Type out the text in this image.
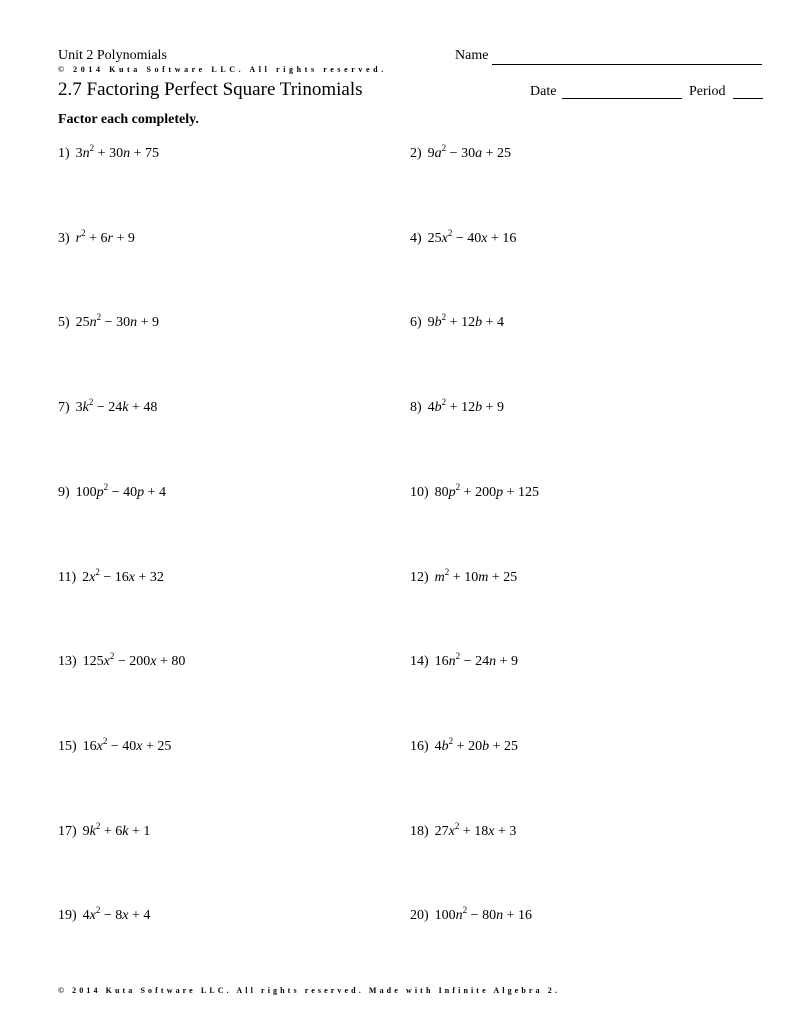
Unit 2 Polynomials	Name
© 2014 Kuta Software LLC. All rights reserved.
2.7 Factoring Perfect Square Trinomials	Date	Period
Factor each completely.
1) $3n^2 + 30n + 75$	2) $9a^2 - 30a + 25$
3) $r^2 + 6r + 9$	4) $25x^2 - 40x + 16$
5) $25n^2 - 30n + 9$	6) $9b^2 + 12b + 4$
7) $3k^2 - 24k + 48$	8) $4b^2 + 12b + 9$
9) $100p^2 - 40p + 4$	10) $80p^2 + 200p + 125$
11) $2x^2 - 16x + 32$	12) $m^2 + 10m + 25$
13) $125x^2 - 200x + 80$	14) $16n^2 - 24n + 9$
15) $16x^2 - 40x + 25$	16) $4b^2 + 20b + 25$
17) $9k^2 + 6k + 1$	18) $27x^2 + 18x + 3$
19) $4x^2 - 8x + 4$	20) $100n^2 - 80n + 16$
© 2014 Kuta Software LLC. All rights reserved. Made with Infinite Algebra 2.
